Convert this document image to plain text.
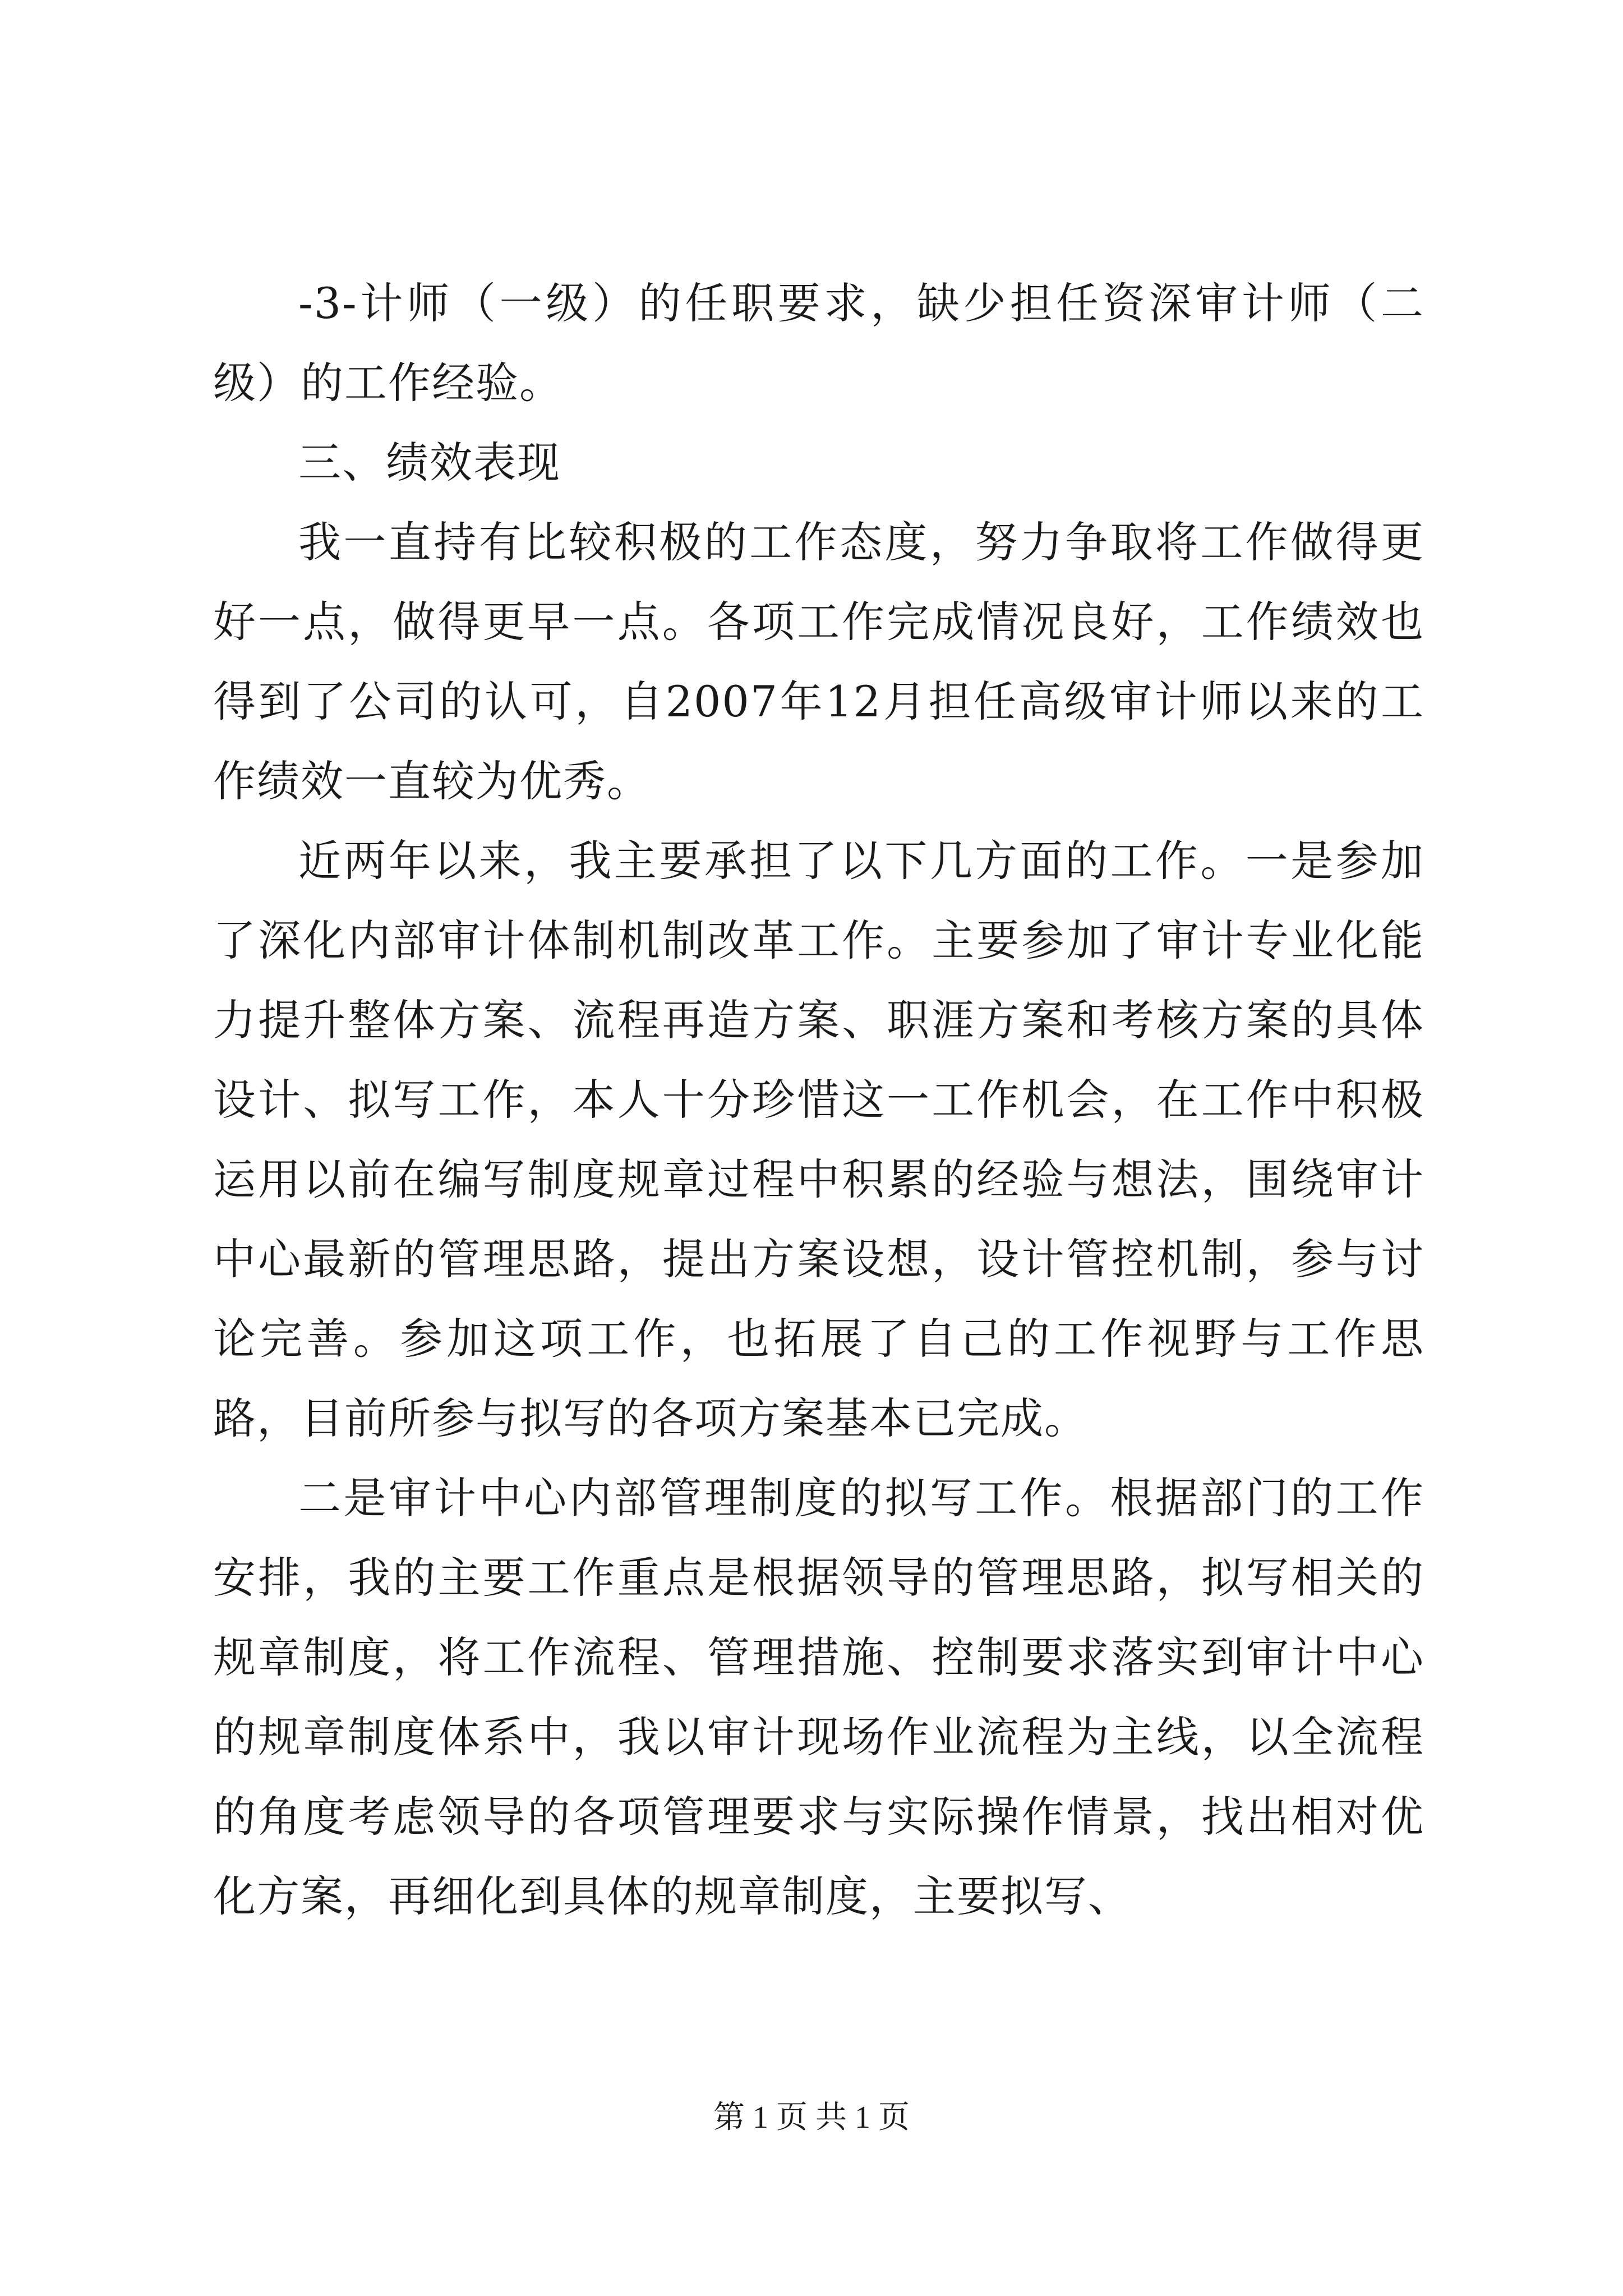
-3-计师（一级）的任职要求，缺少担任资深审计师（二级）的工作经验。

三、绩效表现

我一直持有比较积极的工作态度，努力争取将工作做得更好一点，做得更早一点。各项工作完成情况良好，工作绩效也得到了公司的认可，自2007年12月担任高级审计师以来的工作绩效一直较为优秀。

近两年以来，我主要承担了以下几方面的工作。一是参加了深化内部审计体制机制改革工作。主要参加了审计专业化能力提升整体方案、流程再造方案、职涯方案和考核方案的具体设计、拟写工作，本人十分珍惜这一工作机会，在工作中积极运用以前在编写制度规章过程中积累的经验与想法，围绕审计中心最新的管理思路，提出方案设想，设计管控机制，参与讨论完善。参加这项工作，也拓展了自己的工作视野与工作思路，目前所参与拟写的各项方案基本已完成。

二是审计中心内部管理制度的拟写工作。根据部门的工作安排，我的主要工作重点是根据领导的管理思路，拟写相关的规章制度，将工作流程、管理措施、控制要求落实到审计中心的规章制度体系中，我以审计现场作业流程为主线，以全流程的角度考虑领导的各项管理要求与实际操作情景，找出相对优化方案，再细化到具体的规章制度，主要拟写、

第 1 页 共 1 页
